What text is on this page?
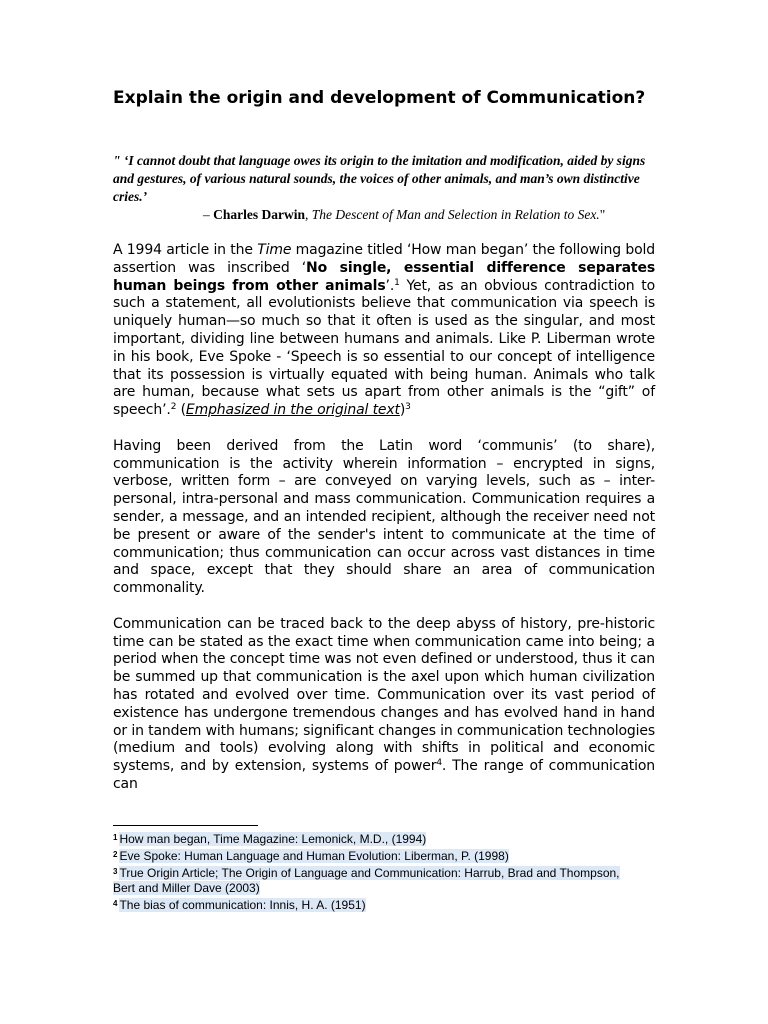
Explain the origin and development of Communication?

" ‘I cannot doubt that language owes its origin to the imitation and modification, aided by signs and gestures, of various natural sounds, the voices of other animals, and man’s own distinctive cries.’

– Charles Darwin, The Descent of Man and Selection in Relation to Sex."

A 1994 article in the Time magazine titled ‘How man began’ the following bold assertion was inscribed ‘No single, essential difference separates human beings from other animals’.$^1$ Yet, as an obvious contradiction to such a statement, all evolutionists believe that communication via speech is uniquely human—so much so that it often is used as the singular, and most important, dividing line between humans and animals. Like P. Liberman wrote in his book, Eve Spoke - ‘Speech is so essential to our concept of intelligence that its possession is virtually equated with being human. Animals who talk are human, because what sets us apart from other animals is the “gift” of speech’.$^2$ (Emphasized in the original text)$^3$

Having been derived from the Latin word ‘communis’ (to share), communication is the activity wherein information – encrypted in signs, verbose, written form – are conveyed on varying levels, such as – inter-personal, intra-personal and mass communication. Communication requires a sender, a message, and an intended recipient, although the receiver need not be present or aware of the sender's intent to communicate at the time of communication; thus communication can occur across vast distances in time and space, except that they should share an area of communication commonality.

Communication can be traced back to the deep abyss of history, pre-historic time can be stated as the exact time when communication came into being; a period when the concept time was not even defined or understood, thus it can be summed up that communication is the axel upon which human civilization has rotated and evolved over time. Communication over its vast period of existence has undergone tremendous changes and has evolved hand in hand or in tandem with humans; significant changes in communication technologies (medium and tools) evolving along with shifts in political and economic systems, and by extension, systems of power$^4$. The range of communication can

$^1$ How man began, Time Magazine: Lemonick, M.D., (1994)

$^2$ Eve Spoke: Human Language and Human Evolution: Liberman, P. (1998)

$^3$ True Origin Article; The Origin of Language and Communication: Harrub, Brad and Thompson, Bert and Miller Dave (2003)

$^4$ The bias of communication: Innis, H. A. (1951)
